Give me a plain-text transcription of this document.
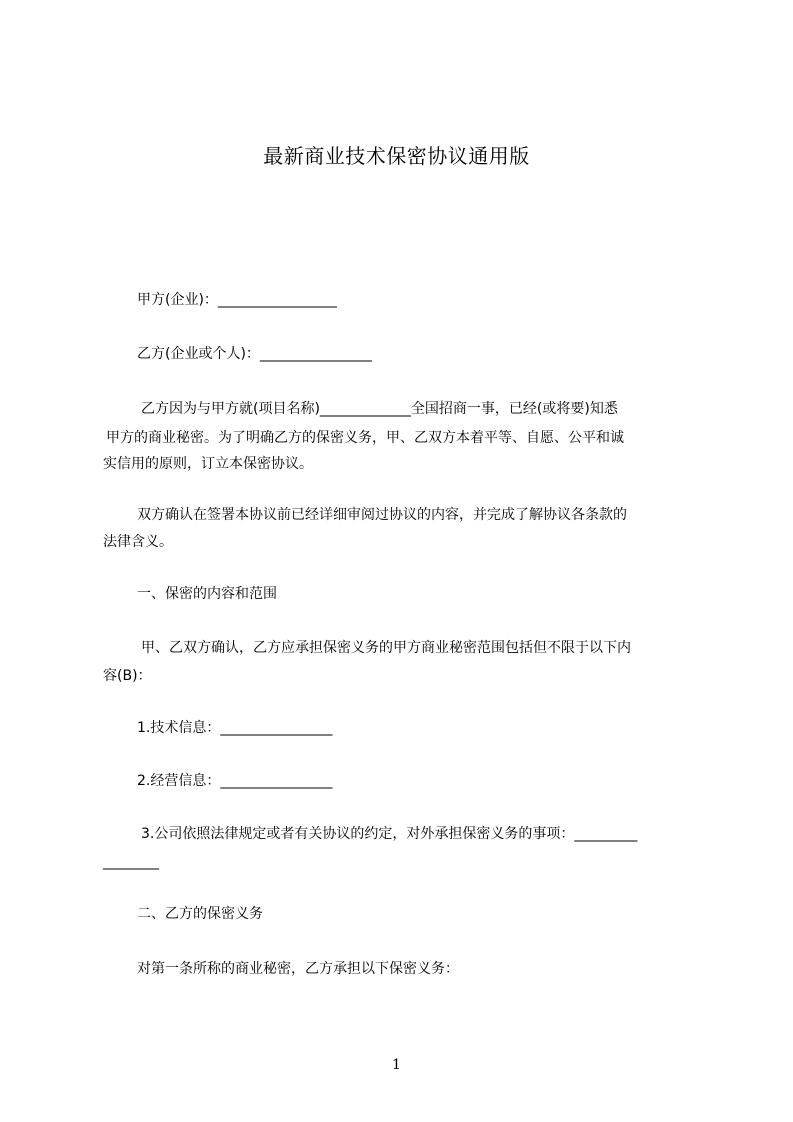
最新商业技术保密协议通用版
甲方(企业)：_________________
乙方(企业或个人)：________________
乙方因为与甲方就(项目名称)_____________全国招商一事，已经(或将要)知悉
甲方的商业秘密。为了明确乙方的保密义务，甲、乙双方本着平等、自愿、公平和诚
实信用的原则，订立本保密协议。
双方确认在签署本协议前已经详细审阅过协议的内容，并完成了解协议各条款的
法律含义。
一、保密的内容和范围
甲、乙双方确认，乙方应承担保密义务的甲方商业秘密范围包括但不限于以下内
容(B)：
1.技术信息：________________
2.经营信息：________________
3.公司依照法律规定或者有关协议的约定，对外承担保密义务的事项：_________
________
二、乙方的保密义务
对第一条所称的商业秘密，乙方承担以下保密义务：
1
